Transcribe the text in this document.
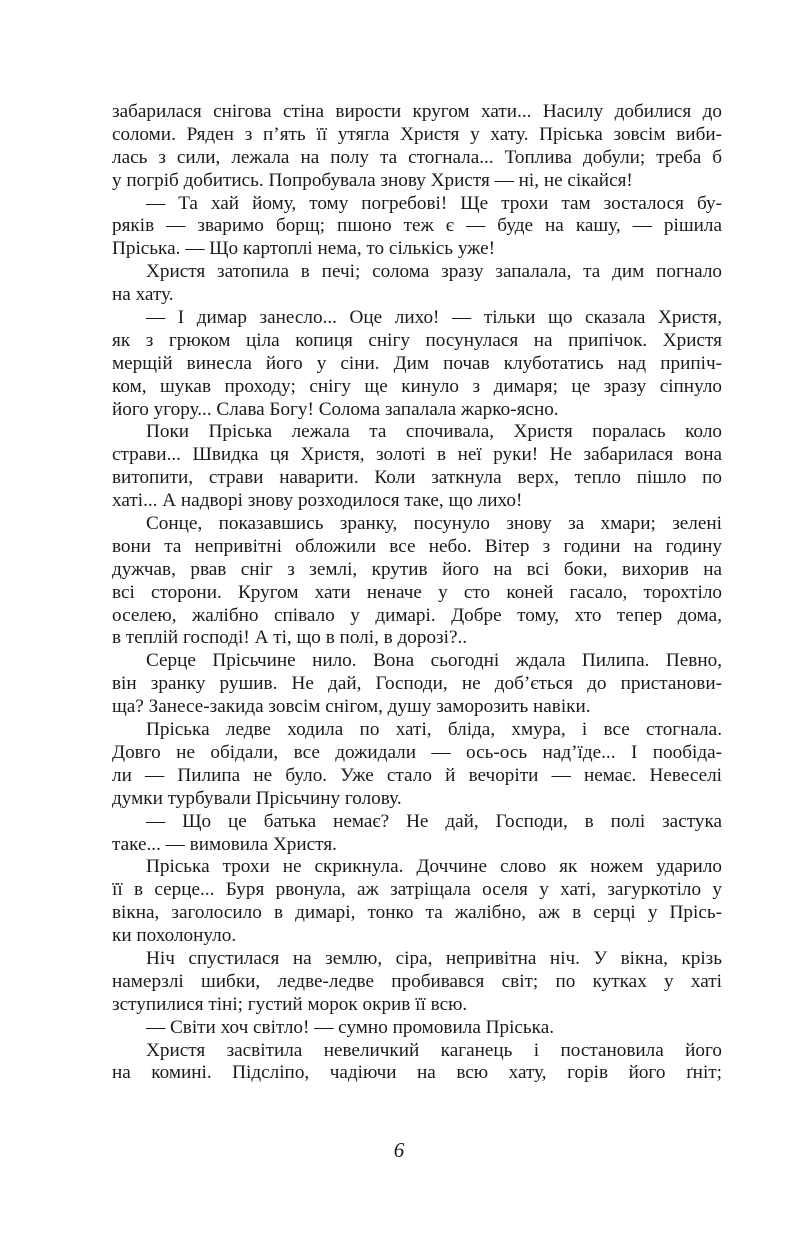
забарилася снігова стіна вироcти кругом хати... Насилу добилися до
соломи. Ряден з п’ять її утягла Христя у хату. Пріська зовсім виби-
лась з сили, лежала на полу та стогнала... Топлива добули; треба б
у погріб добитись. Попробувала знову Христя — ні, не сікайся!
— Та хай йому, тому погребові! Ще трохи там зосталося бу-
ряків — зваримо борщ; пшоно теж є — буде на кашу, — рішила
Пріська. — Що картоплі нема, то сількісь уже!
Христя затопила в печі; солома зразу запалала, та дим погнало
на хату.
— І димар занесло... Оце лихо! — тільки що сказала Христя,
як з грюком ціла копиця снігу посунулася на припічок. Христя
мерщій винесла його у сіни. Дим почав клуботатись над припіч-
ком, шукав проходу; снігу ще кинуло з димаря; це зразу сіпнуло
його угору... Слава Богу! Солома запалала жарко-ясно.
Поки Пріська лежала та спочивала, Христя поралась коло
страви... Швидка ця Христя, золоті в неї руки! Не забарилася вона
витопити, страви наварити. Коли заткнула верх, тепло пішло по
хаті... А надворі знову розходилося таке, що лихо!
Сонце, показавшись зранку, посунуло знову за хмари; зелені
вони та непривітні обложили все небо. Вітер з години на годину
дужчав, рвав сніг з землі, крутив його на всі боки, вихорив на
всі сторони. Кругом хати неначе у сто коней гасало, торохтіло
оселею, жалібно співало у димарі. Добре тому, хто тепер дома,
в теплій господі! А ті, що в полі, в дорозі?..
Серце Прісьчине нило. Вона сьогодні ждала Пилипа. Певно,
він зранку рушив. Не дай, Господи, не доб’ється до пристанови-
ща? Занесе-закида зовсім снігом, душу заморозить навіки.
Пріська ледве ходила по хаті, бліда, хмура, і все стогнала.
Довго не обідали, все дожидали — ось-ось над’їде... І пообіда-
ли — Пилипа не було. Уже стало й вечоріти — немає. Невеселі
думки турбували Прісьчину голову.
— Що це батька немає? Не дай, Господи, в полі застука
таке... — вимовила Христя.
Пріська трохи не скрикнула. Доччине слово як ножем ударило
її в серце... Буря рвонула, аж затріщала оселя у хаті, загуркотіло у
вікна, заголосило в димарі, тонко та жалібно, аж в серці у Прісь-
ки похолонуло.
Ніч спустилася на землю, сіра, непривітна ніч. У вікна, крізь
намерзлі шибки, ледве-ледве пробивався світ; по кутках у хаті
зступилися тіні; густий морок окрив її всю.
— Світи хоч світло! — сумно промовила Пріська.
Христя засвітила невеличкий каганець і постановила його
на комині. Підсліпо, чадіючи на всю хату, горів його ґніт;
6
